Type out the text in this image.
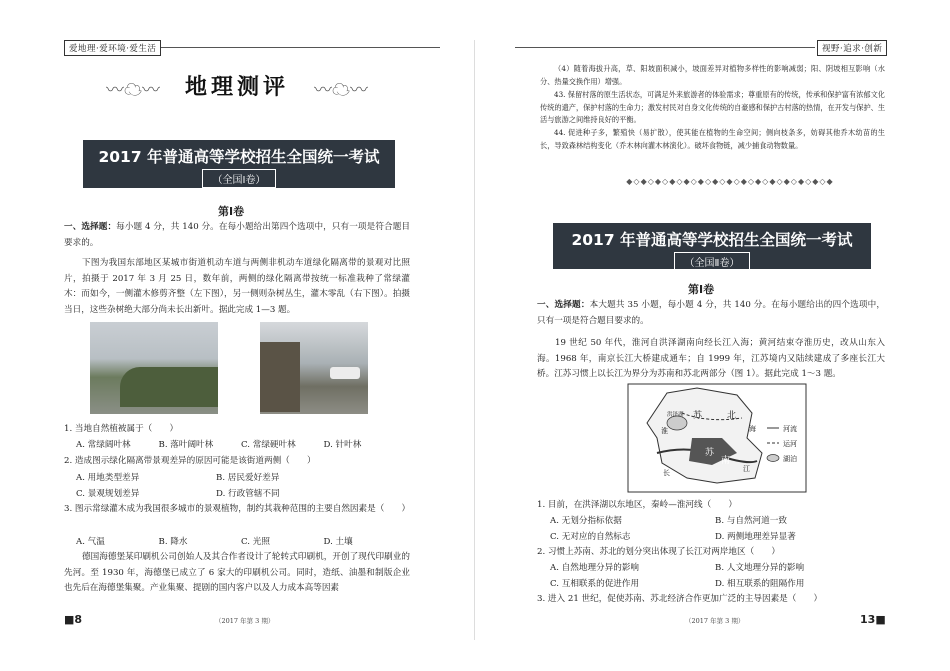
爱地理·爱环境·爱生活
〰☁〰	地理测评	〰☁〰
2017 年普通高等学校招生全国统一考试
（全国Ⅰ卷）
第Ⅰ卷
一、选择题：每小题 4 分，共 140 分。在每小题给出第四个选项中，只有一项是符合题目要求的。
下图为我国东部地区某城市街道机动车道与两侧非机动车道绿化隔离带的景观对比照片，拍摄于 2017 年 3 月 25 日，数年前，两侧的绿化隔离带按统一标准栽种了常绿灌木：而如今，一侧灌木修剪齐整（左下图），另一侧则杂树丛生，灌木零乱（右下图）。拍摄当日，这些杂树绝大部分尚未长出新叶。据此完成 1—3 题。
1. 当地自然植被属于（　　）
A. 常绿阔叶林	B. 落叶阔叶林	C. 常绿硬叶林	D. 针叶林
2. 造成图示绿化隔离带景观差异的原因可能是该街道两侧（　　）
A. 用地类型差异	B. 居民爱好差异
C. 景观规划差异	D. 行政管辖不同
3. 图示常绿灌木成为我国很多城市的景观植物，制约其栽种范围的主要自然因素是（　　）
A. 气温	B. 降水	C. 光照	D. 土壤
德国海德堡某印刷机公司创始人及其合作者设计了轮转式印刷机，开创了现代印刷业的先河。至 1930 年，海德堡已成立了 6 家大的印刷机公司。同时，造纸、油墨和制版企业也先后在海德堡集聚。产业集聚、提剧的国内客户以及人力成本高等因素
■8	（2017 年第 3 期）
视野·追求·创新
（4）随着海拔升高，草、阳坡面积减小，坡面差异对植物多样性的影响减弱；阳、阴坡相互影响（水分、热量交换作用）增强。
43. 保留村落的原生活状态，可满足外来旅游者的体验需求；尊重原有的传统，传承和保护富有浓郁文化传统的遗产，保护村落的生命力；激发村民对自身文化传统的自豪感和保护古村落的热情，在开发与保护、生活与旅游之间维持良好的平衡。
44. 促进种子多，繁殖快（易扩散），使其能在植物的生命空间；侧向枝条多，妨碍其他乔木幼苗的生长，导致森林结构变化（乔木林向灌木林演化）。破坏食物链，减少捕食动物数量。
2017 年普通高等学校招生全国统一考试
（全国Ⅱ卷）
第Ⅰ卷
一、选择题：本大题共 35 小题，每小题 4 分，共 140 分。在每小题给出的四个选项中，只有一项是符合题目要求的。
19 世纪 50 年代，淮河自洪泽湖南向经长江入海；黄河结束夺淮历史，改从山东入海。1968 年，南京长江大桥建成通车；自 1999 年，江苏境内又陆续建成了多座长江大桥。江苏习惯上以长江为界分为苏南和苏北两部分（图 1）。据此完成 1～3 题。
苏	北
苏
南
淮
长
洪泽湖
海
江
河流
运河
湖泊
1. 目前，在洪泽湖以东地区，秦岭—淮河线（　　）
A. 无划分指标依据	B. 与自然河道一致
C. 无对应的自然标志	D. 两侧地理差异显著
2. 习惯上苏南、苏北的划分突出体现了长江对两岸地区（　　）
A. 自然地理分异的影响	B. 人文地理分异的影响
C. 互相联系的促进作用	D. 相互联系的阻隔作用
3. 进入 21 世纪，促使苏南、苏北经济合作更加广泛的主导因素是（　　）
（2017 年第 3 期）	13■
◆◇◆◇◆◇◆◇◆◇◆◇◆◇◆◇◆◇◆◇◆◇◆◇◆◇◆◇◆
